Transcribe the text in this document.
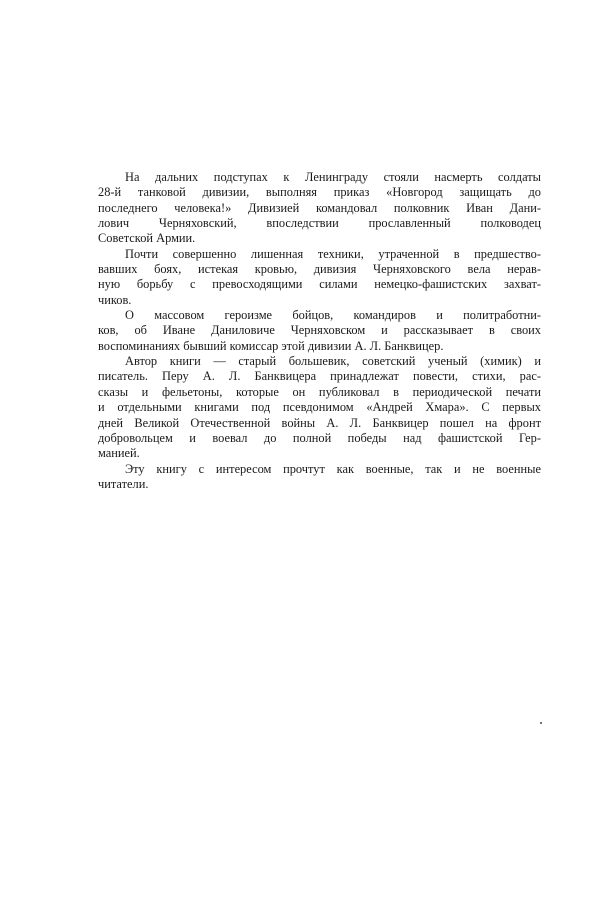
На дальних подступах к Ленинграду стояли насмерть солдаты
28-й танковой дивизии, выполняя приказ «Новгород защищать до
последнего человека!» Дивизией командовал полковник Иван Дани-
лович Черняховский, впоследствии прославленный полководец
Советской Армии.

Почти совершенно лишенная техники, утраченной в предшество-
вавших боях, истекая кровью, дивизия Черняховского вела нерав-
ную борьбу с превосходящими силами немецко-фашистских захват-
чиков.

О массовом героизме бойцов, командиров и политработни-
ков, об Иване Даниловиче Черняховском и рассказывает в своих
воспоминаниях бывший комиссар этой дивизии А. Л. Банквицер.

Автор книги — старый большевик, советский ученый (химик) и
писатель. Перу А. Л. Банквицера принадлежат повести, стихи, рас-
сказы и фельетоны, которые он публиковал в периодической печати
и отдельными книгами под псевдонимом «Андрей Хмара». С первых
дней Великой Отечественной войны А. Л. Банквицер пошел на фронт
добровольцем и воевал до полной победы над фашистской Гер-
манией.

Эту книгу с интересом прочтут как военные, так и не военные
читатели.
